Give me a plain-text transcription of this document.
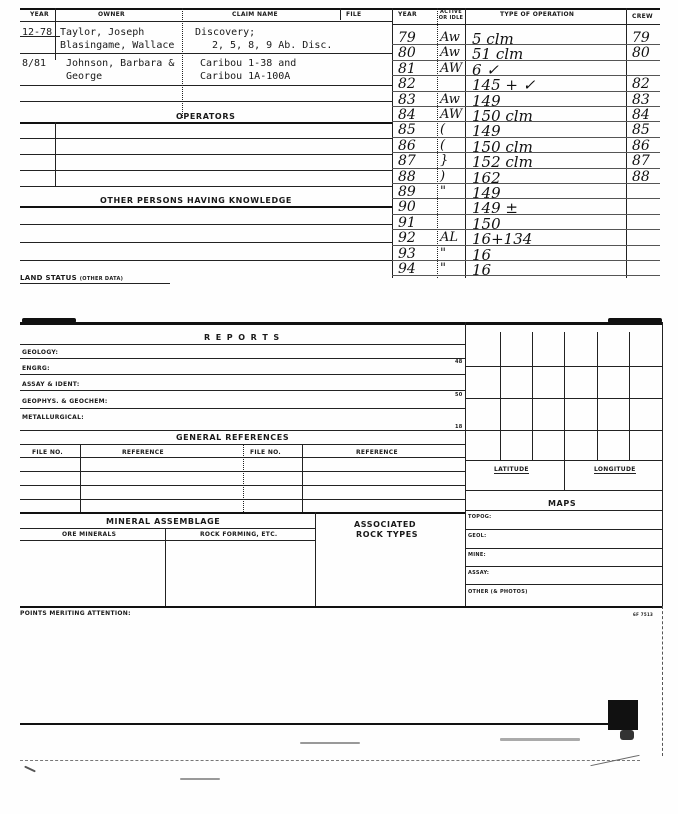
YEAR	OWNER	CLAIM NAME	FILE	YEAR	ACTIVE OR IDLE	TYPE OF OPERATION	CREW
12-78 Taylor, Joseph	Discovery;
Blasingame, Wallace	2, 5, 8, 9 Ab. Disc.
8/81 Johnson, Barbara &	Caribou 1-38 and
George	Caribou 1A-100A
OPERATORS
OTHER PERSONS HAVING KNOWLEDGE
LAND STATUS (OTHER DATA)
79 Aw 5 clm	79
80 Aw 51 clm	80
81 AW 6 ✓
82	145 + ✓	82
83 Aw 149	83
84 AW 150 clm	84
85 ( 149	85
86 ( 150 clm	86
87 } 152 clm	87
88 ) 162	88
89 " 149
90	149 ±
91	150
92 AL 16+134
93 " 16
94 " 16
R E P O R T S
GEOLOGY:
ENGRG:
48
ASSAY & IDENT:
GEOPHYS. & GEOCHEM:
50
METALLURGICAL:
18
GENERAL REFERENCES
FILE NO.	REFERENCE	FILE NO.	REFERENCE
MINERAL ASSEMBLAGE
ORE MINERALS	ROCK FORMING, ETC.
ASSOCIATED
ROCK TYPES
LATITUDE	LONGITUDE
MAPS
TOPOG:
GEOL:
MINE:
ASSAY:
OTHER (& PHOTOS)
POINTS MERITING ATTENTION:	6F 7513
